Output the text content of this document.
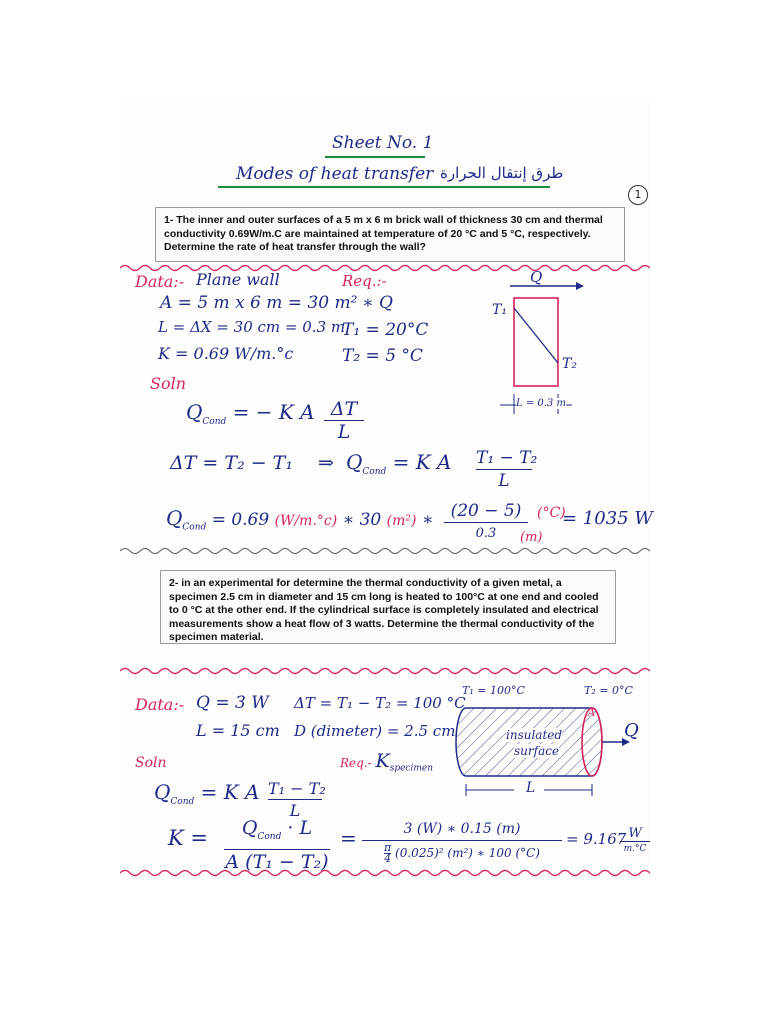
Sheet No. 1
Modes of heat transfer طرق إنتقال الحرارة
1
1- The inner and outer surfaces of a 5 m x 6 m brick wall of thickness 30 cm and thermal conductivity 0.69W/m.C are maintained at temperature of 20 °C and 5 °C, respectively. Determine the rate of heat transfer through the wall?
Data:- Plane wall
A = 5 m x 6 m = 30 m²
L = ΔX = 30 cm = 0.3 m
K = 0.69 W/m.°c
Req.:-
∗ Q
T₁ = 20°C
T₂ = 5 °C
Soln
Q
T₁
T₂
L = 0.3 m
$Q_{Cond}$ = − K A $\frac{\Delta T}{L}$
ΔT = T₂ − T₁ ⇒ $Q_{Cond} = K$ A $\frac{\text{T₁ − T₂}}{L}$
$Q_{Cond} = 0.69$ (W/m.°c) ∗ 30 (m²) ∗	(20 − 5)
0.3
(°C)
(m)
= 1035 W
2- in an experimental for determine the thermal conductivity of a given metal, a specimen 2.5 cm in diameter and 15 cm long is heated to 100°C at one end and cooled to 0 °C at the other end. If the cylindrical surface is completely insulated and electrical measurements show a heat flow of 3 watts. Determine the thermal conductivity of the specimen material.
Data:- Q = 3 W ΔT = T₁ − T₂ = 100 °C
L = 15 cm D (dimeter) = 2.5 cm
Req.- $K_{specimen}$
Soln
T₁ = 100°C	T₂ = 0°C
insulated
surface
A
Q
L
$Q_{Cond} = K$ A $\frac{\text{T₁ − T₂}}{L}$
K =	$Q_{Cond} \cdot L$
A (T₁ − T₂)
= $\frac{3 (W) ∗ 0.15 (m)}{\frac{\pi}{4} (0.025)^2 (m^2) ∗ 100 (^\circ C)} = 9.167$ W
m.°C
